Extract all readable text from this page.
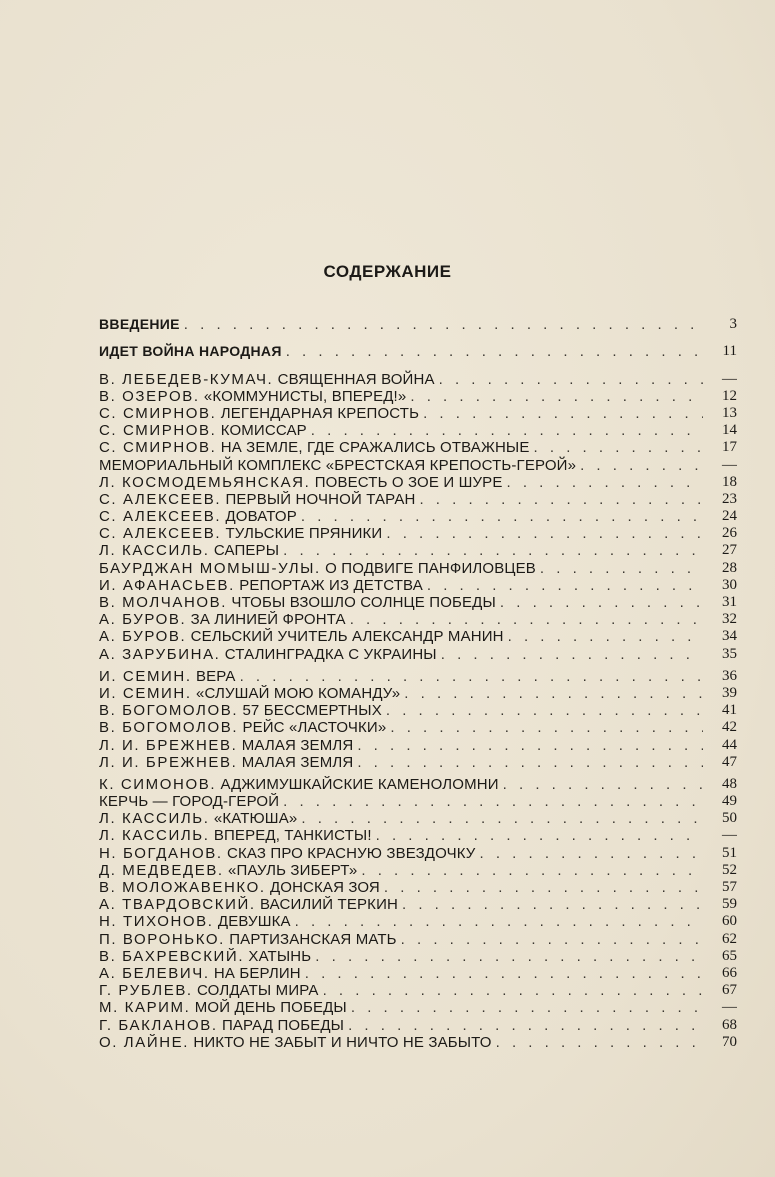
СОДЕРЖАНИЕ
ВВЕДЕНИЕ . . .	3
ИДЕТ ВОЙНА НАРОДНАЯ . . .	11
В. ЛЕБЕДЕВ-КУМАЧ. СВЯЩЕННАЯ ВОЙНА . . .	—
В. ОЗЕРОВ. «КОММУНИСТЫ, ВПЕРЕД!» . . .	12
С. СМИРНОВ. ЛЕГЕНДАРНАЯ КРЕПОСТЬ . . .	13
С. СМИРНОВ. КОМИССАР . . .	14
С. СМИРНОВ. НА ЗЕМЛЕ, ГДЕ СРАЖАЛИСЬ ОТВАЖНЫЕ . . .	17
МЕМОРИАЛЬНЫЙ КОМПЛЕКС «БРЕСТСКАЯ КРЕПОСТЬ-ГЕРОЙ» . . .	—
Л. КОСМОДЕМЬЯНСКАЯ. ПОВЕСТЬ О ЗОЕ И ШУРЕ . . .	18
С. АЛЕКСЕЕВ. ПЕРВЫЙ НОЧНОЙ ТАРАН . . .	23
С. АЛЕКСЕЕВ. ДОВАТОР . . .	24
С. АЛЕКСЕЕВ. ТУЛЬСКИЕ ПРЯНИКИ . . .	26
Л. КАССИЛЬ. САПЕРЫ . . .	27
БАУРДЖАН МОМЫШ-УЛЫ. О ПОДВИГЕ ПАНФИЛОВЦЕВ . . .	28
И. АФАНАСЬЕВ. РЕПОРТАЖ ИЗ ДЕТСТВА . . .	30
В. МОЛЧАНОВ. ЧТОБЫ ВЗОШЛО СОЛНЦЕ ПОБЕДЫ . . .	31
А. БУРОВ. ЗА ЛИНИЕЙ ФРОНТА . . .	32
А. БУРОВ. СЕЛЬСКИЙ УЧИТЕЛЬ АЛЕКСАНДР МАНИН . . .	34
А. ЗАРУБИНА. СТАЛИНГРАДКА С УКРАИНЫ . . .	35
И. СЕМИН. ВЕРА . . .	36
И. СЕМИН. «СЛУШАЙ МОЮ КОМАНДУ» . . .	39
В. БОГОМОЛОВ. 57 БЕССМЕРТНЫХ . . .	41
В. БОГОМОЛОВ. РЕЙС «ЛАСТОЧКИ» . . .	42
Л. И. БРЕЖНЕВ. МАЛАЯ ЗЕМЛЯ . . .	44
Л. И. БРЕЖНЕВ. МАЛАЯ ЗЕМЛЯ . . .	47
К. СИМОНОВ. АДЖИМУШКАЙСКИЕ КАМЕНОЛОМНИ . . .	48
КЕРЧЬ — ГОРОД-ГЕРОЙ . . .	49
Л. КАССИЛЬ. «КАТЮША» . . .	50
Л. КАССИЛЬ. ВПЕРЕД, ТАНКИСТЫ! . . .	—
Н. БОГДАНОВ. СКАЗ ПРО КРАСНУЮ ЗВЕЗДОЧКУ . . .	51
Д. МЕДВЕДЕВ. «ПАУЛЬ ЗИБЕРТ» . . .	52
В. МОЛОЖАВЕНКО. ДОНСКАЯ ЗОЯ . . .	57
А. ТВАРДОВСКИЙ. ВАСИЛИЙ ТЕРКИН . . .	59
Н. ТИХОНОВ. ДЕВУШКА . . .	60
П. ВОРОНЬКО. ПАРТИЗАНСКАЯ МАТЬ . . .	62
В. БАХРЕВСКИЙ. ХАТЫНЬ . . .	65
А. БЕЛЕВИЧ. НА БЕРЛИН . . .	66
Г. РУБЛЕВ. СОЛДАТЫ МИРА . . .	67
М. КАРИМ. МОЙ ДЕНЬ ПОБЕДЫ . . .	—
Г. БАКЛАНОВ. ПАРАД ПОБЕДЫ . . .	68
О. ЛАЙНЕ. НИКТО НЕ ЗАБЫТ И НИЧТО НЕ ЗАБЫТО . . .	70
